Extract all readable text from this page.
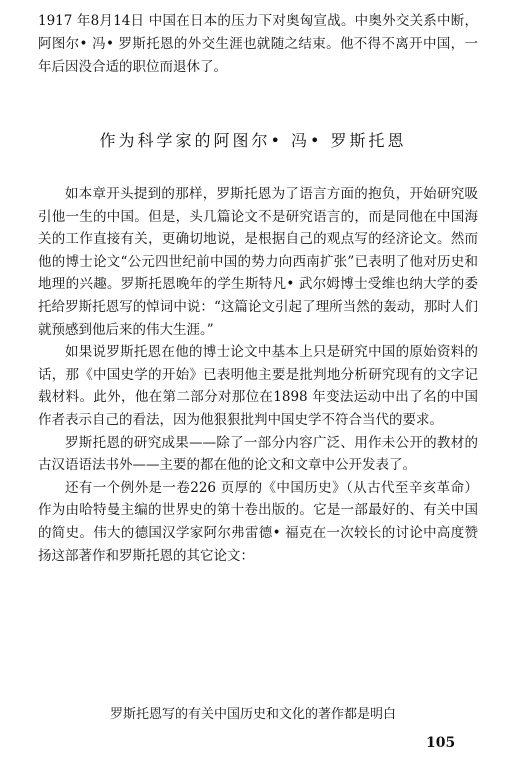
1917 年8月14日 中国在日本的压力下对奥匈宣战。中奥外交关系中断，阿图尔• 冯• 罗斯托恩的外交生涯也就随之结束。他不得不离开中国，一年后因没合适的职位而退休了。
作为科学家的阿图尔• 冯• 罗斯托恩

如本章开头提到的那样，罗斯托恩为了语言方面的抱负，开始研究吸引他一生的中国。但是，头几篇论文不是研究语言的，而是同他在中国海关的工作直接有关，更确切地说，是根据自己的观点写的经济论文。然而他的博士论文“公元四世纪前中国的势力向西南扩张”已表明了他对历史和地理的兴趣。罗斯托恩晚年的学生斯特凡• 武尔姆博士受维也纳大学的委托给罗斯托恩写的悼词中说：“这篇论文引起了理所当然的轰动，那时人们就预感到他后来的伟大生涯。”

如果说罗斯托恩在他的博士论文中基本上只是研究中国的原始资料的话，那《中国史学的开始》已表明他主要是批判地分析研究现有的文字记载材料。此外，他在第二部分对那位在1898 年变法运动中出了名的中国作者表示自己的看法，因为他狠狠批判中国史学不符合当代的要求。

罗斯托恩的研究成果——除了一部分内容广泛、用作未公开的教材的古汉语语法书外——主要的都在他的论文和文章中公开发表了。

还有一个例外是一卷226 页厚的《中国历史》（从古代至辛亥革命）作为由哈特曼主编的世界史的第十卷出版的。它是一部最好的、有关中国的简史。伟大的德国汉学家阿尔弗雷德• 福克在一次较长的讨论中高度赞扬这部著作和罗斯托恩的其它论文：

罗斯托恩写的有关中国历史和文化的著作都是明白
105
